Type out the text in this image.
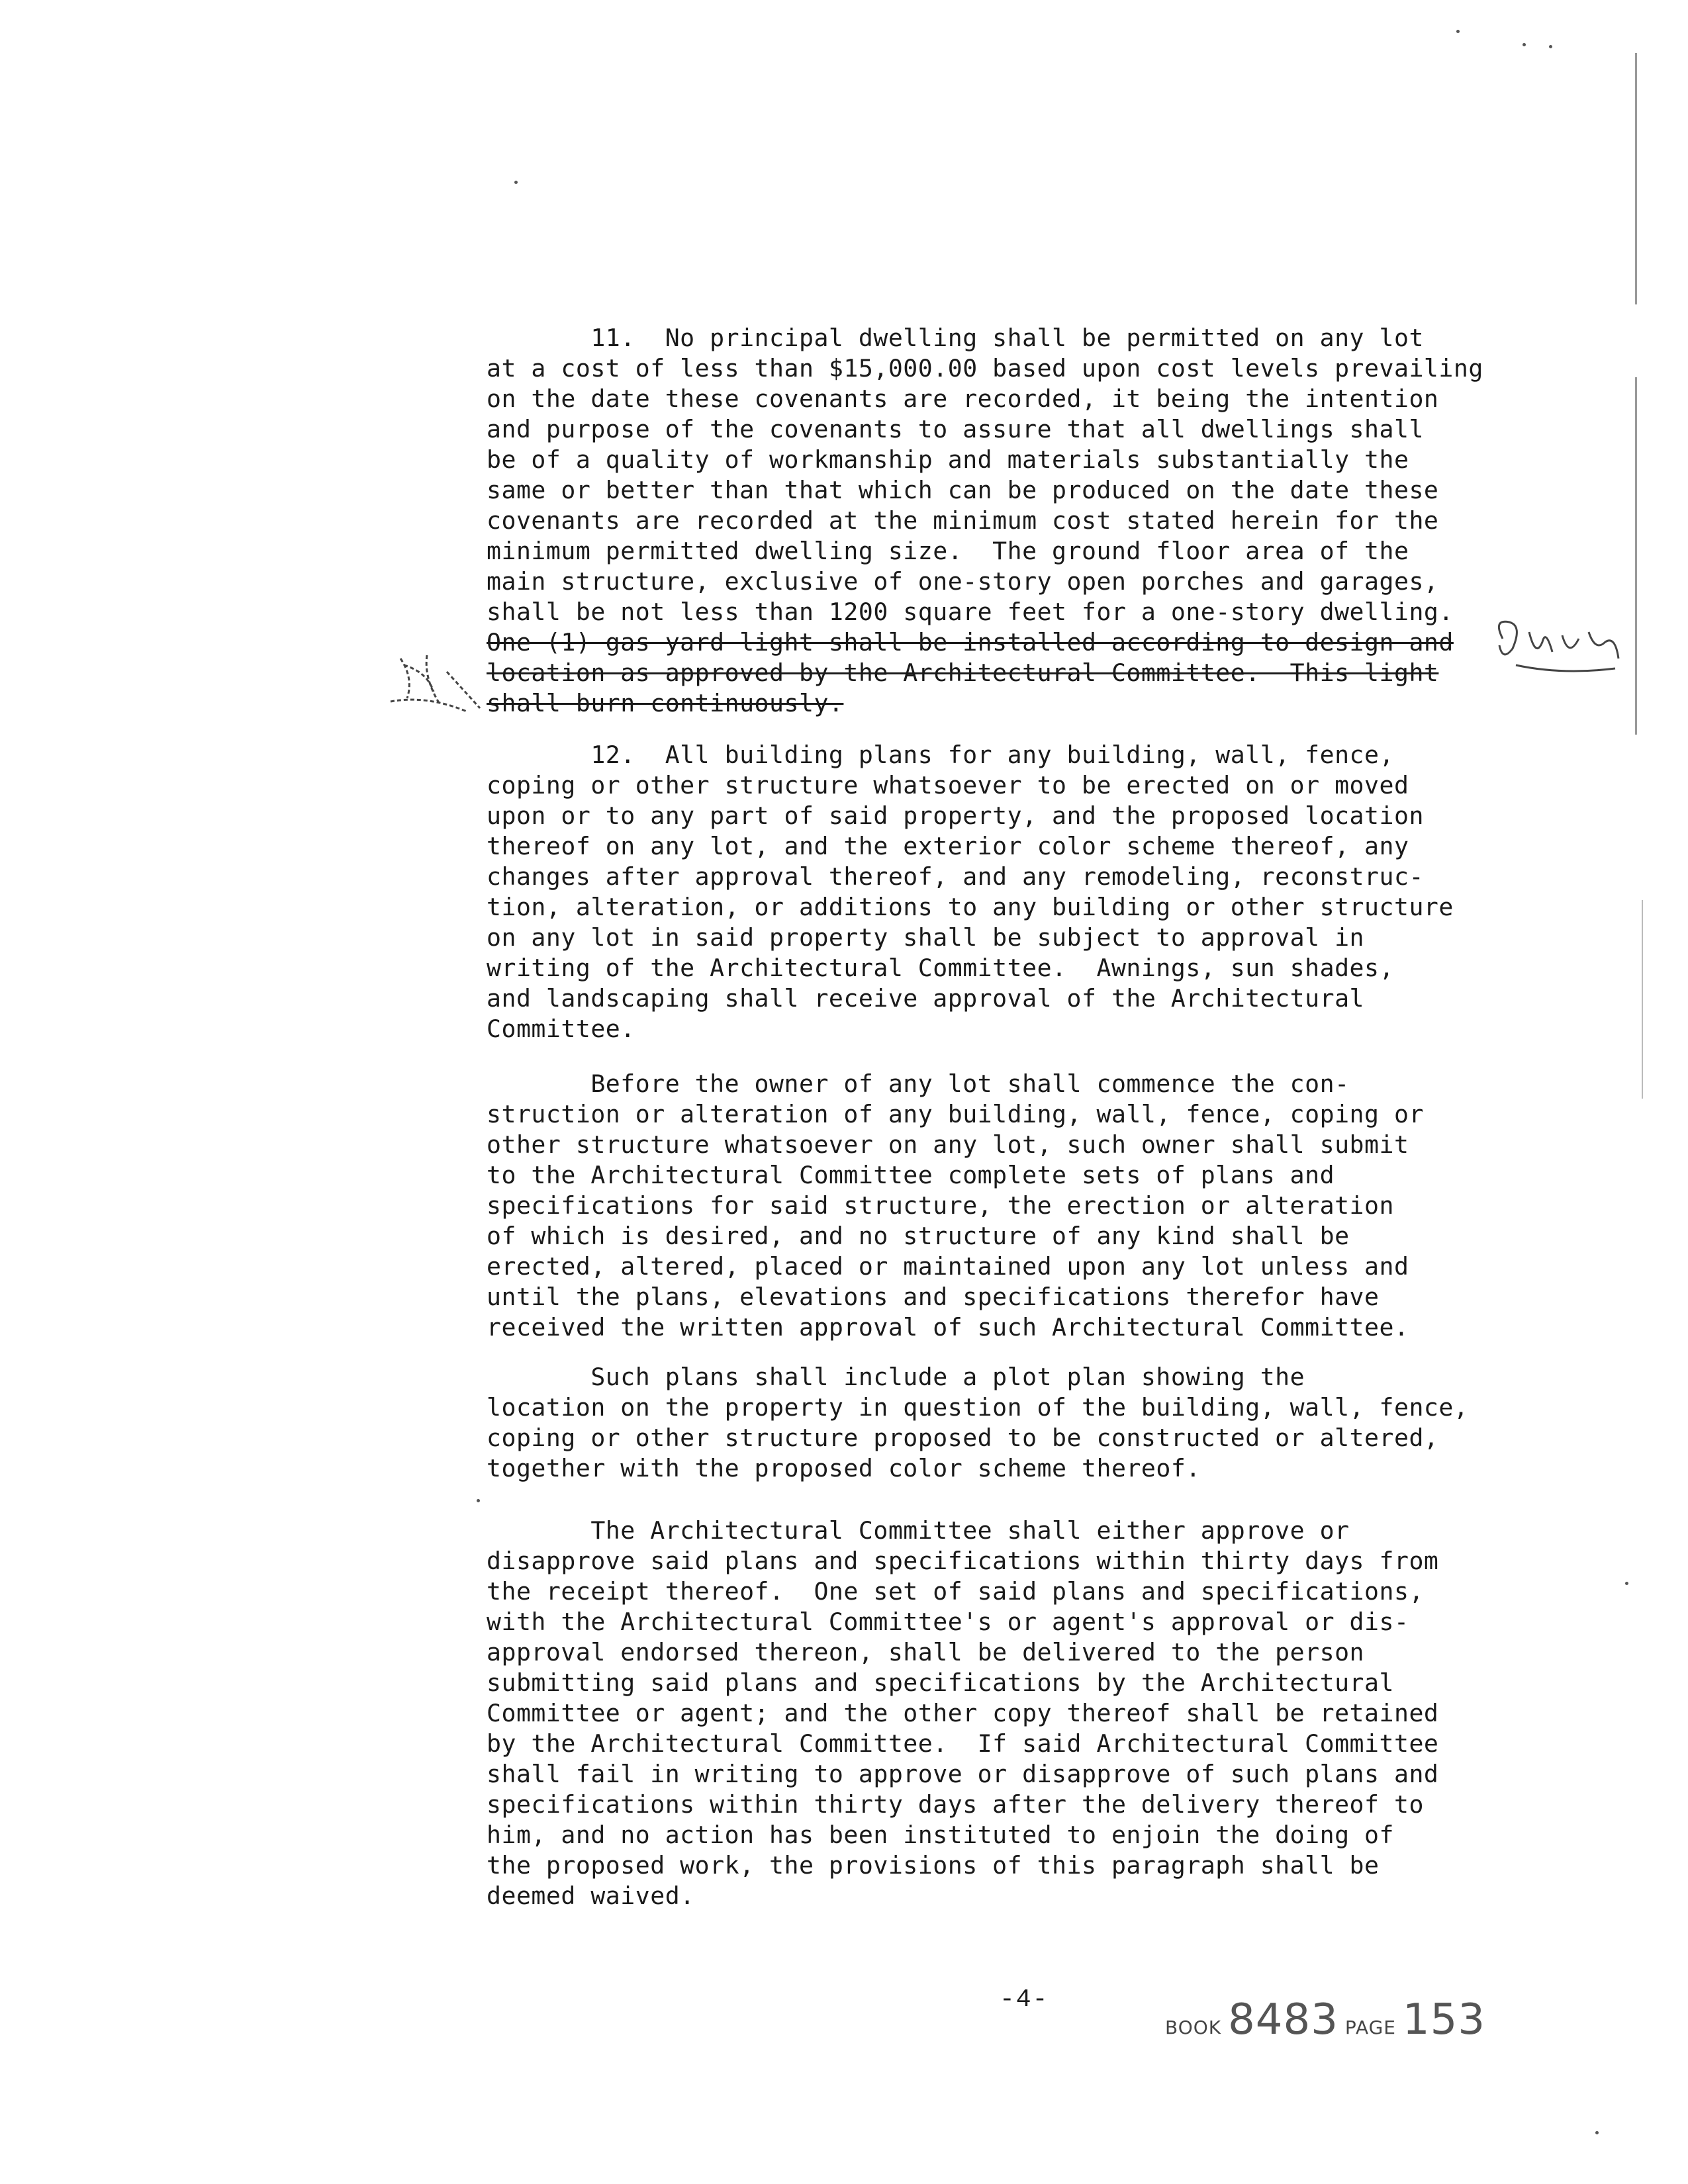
11.  No principal dwelling shall be permitted on any lot
at a cost of less than $15,000.00 based upon cost levels prevailing
on the date these covenants are recorded, it being the intention
and purpose of the covenants to assure that all dwellings shall
be of a quality of workmanship and materials substantially the
same or better than that which can be produced on the date these
covenants are recorded at the minimum cost stated herein for the
minimum permitted dwelling size.  The ground floor area of the
main structure, exclusive of one-story open porches and garages,
shall be not less than 1200 square feet for a one-story dwelling.
One (1) gas yard light shall be installed according to design and
location as approved by the Architectural Committee.  This light
shall burn continuously.
12.  All building plans for any building, wall, fence,
coping or other structure whatsoever to be erected on or moved
upon or to any part of said property, and the proposed location
thereof on any lot, and the exterior color scheme thereof, any
changes after approval thereof, and any remodeling, reconstruc-
tion, alteration, or additions to any building or other structure
on any lot in said property shall be subject to approval in
writing of the Architectural Committee.  Awnings, sun shades,
and landscaping shall receive approval of the Architectural
Committee.
Before the owner of any lot shall commence the con-
struction or alteration of any building, wall, fence, coping or
other structure whatsoever on any lot, such owner shall submit
to the Architectural Committee complete sets of plans and
specifications for said structure, the erection or alteration
of which is desired, and no structure of any kind shall be
erected, altered, placed or maintained upon any lot unless and
until the plans, elevations and specifications therefor have
received the written approval of such Architectural Committee.
Such plans shall include a plot plan showing the
location on the property in question of the building, wall, fence,
coping or other structure proposed to be constructed or altered,
together with the proposed color scheme thereof.
The Architectural Committee shall either approve or
disapprove said plans and specifications within thirty days from
the receipt thereof.  One set of said plans and specifications,
with the Architectural Committee's or agent's approval or dis-
approval endorsed thereon, shall be delivered to the person
submitting said plans and specifications by the Architectural
Committee or agent; and the other copy thereof shall be retained
by the Architectural Committee.  If said Architectural Committee
shall fail in writing to approve or disapprove of such plans and
specifications within thirty days after the delivery thereof to
him, and no action has been instituted to enjoin the doing of
the proposed work, the provisions of this paragraph shall be
deemed waived.
-4-
BOOK 8483 PAGE 153
